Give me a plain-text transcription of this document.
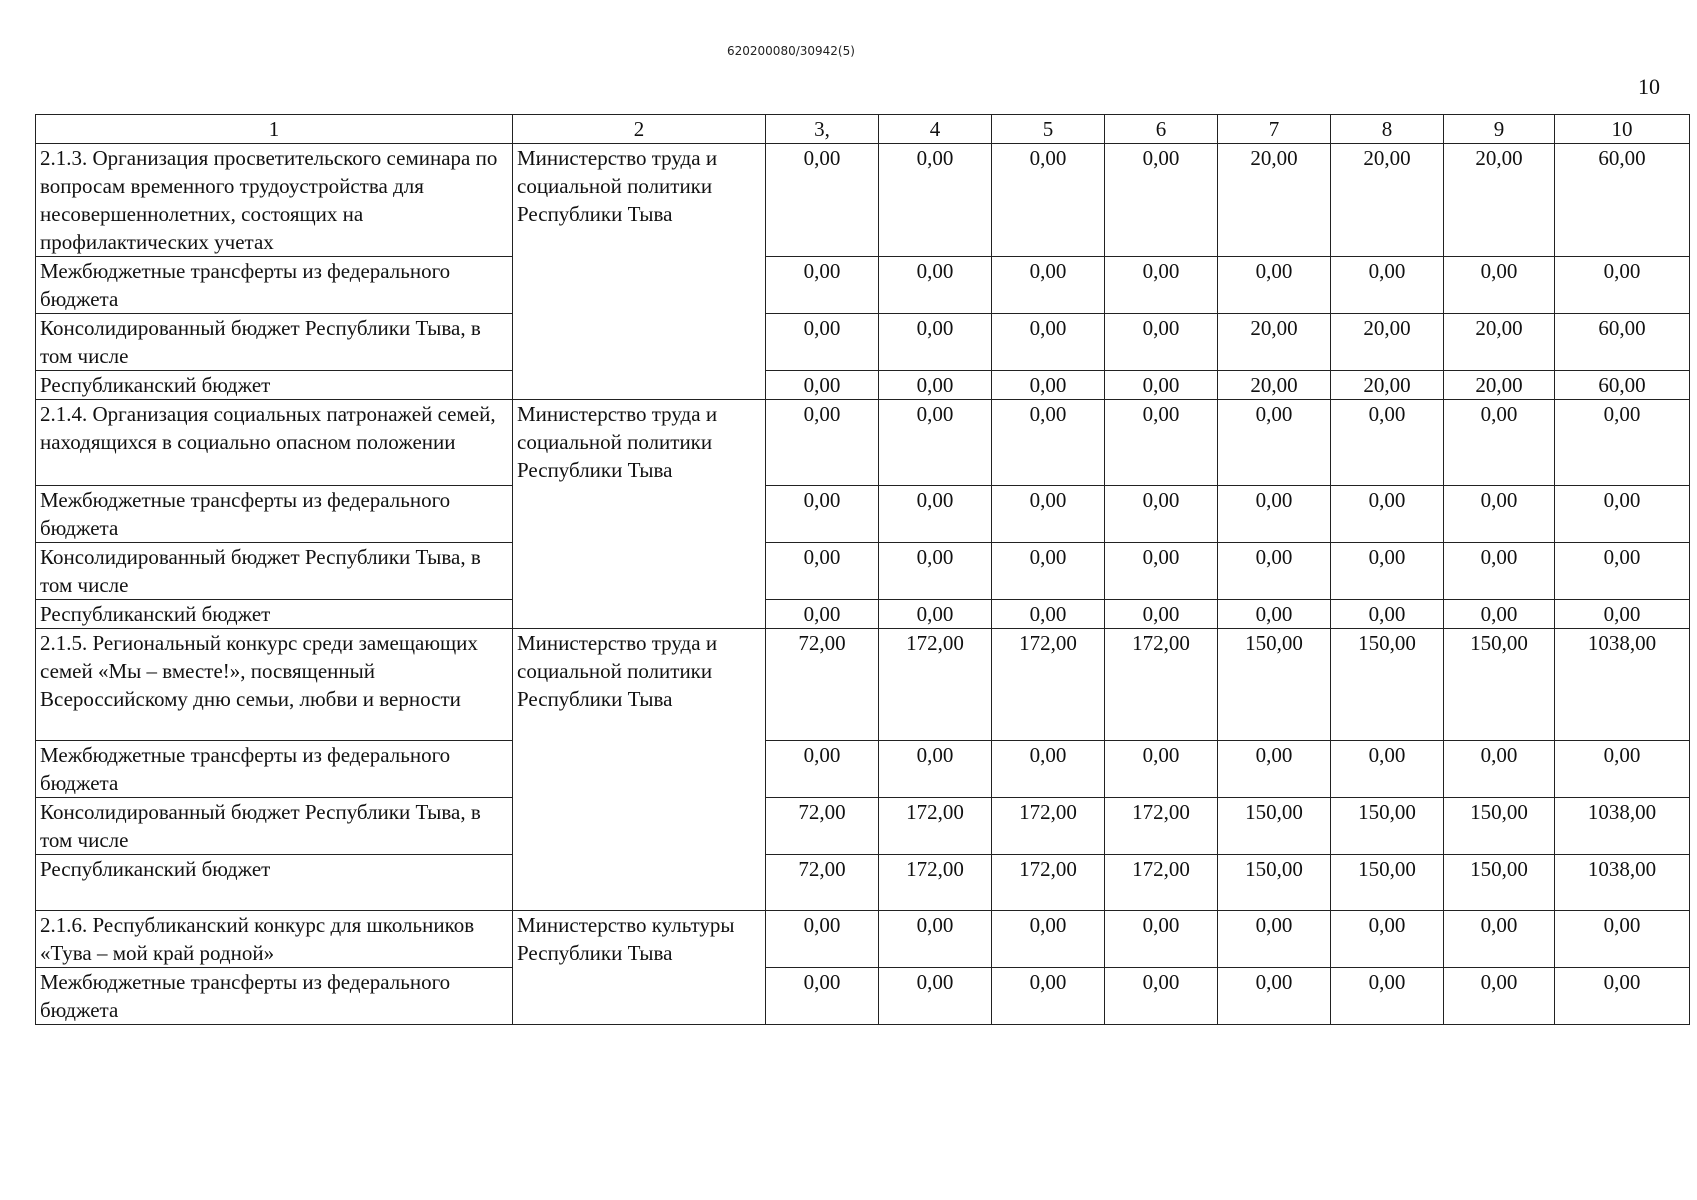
620200080/30942(5)
10
1	2	3,	4	5	6	7	8	9	10
2.1.3. Организация просветительского семинара по вопросам временного трудоустройства для несовершеннолетних, состоящих на профилактических учетах	Министерство труда и социальной политики Республики Тыва	0,00	0,00	0,00	0,00	20,00	20,00	20,00	60,00
Межбюджетные трансферты из федерального бюджета		0,00	0,00	0,00	0,00	0,00	0,00	0,00	0,00
Консолидированный бюджет Республики Тыва, в том числе		0,00	0,00	0,00	0,00	20,00	20,00	20,00	60,00
Республиканский бюджет		0,00	0,00	0,00	0,00	20,00	20,00	20,00	60,00
2.1.4. Организация социальных патронажей семей, находящихся в социально опасном положении	Министерство труда и социальной политики Республики Тыва	0,00	0,00	0,00	0,00	0,00	0,00	0,00	0,00
Межбюджетные трансферты из федерального бюджета		0,00	0,00	0,00	0,00	0,00	0,00	0,00	0,00
Консолидированный бюджет Республики Тыва, в том числе		0,00	0,00	0,00	0,00	0,00	0,00	0,00	0,00
Республиканский бюджет		0,00	0,00	0,00	0,00	0,00	0,00	0,00	0,00
2.1.5. Региональный конкурс среди замещающих семей «Мы – вместе!», посвященный Всероссийскому дню семьи, любви и верности	Министерство труда и социальной политики Республики Тыва	72,00	172,00	172,00	172,00	150,00	150,00	150,00	1038,00
Межбюджетные трансферты из федерального бюджета		0,00	0,00	0,00	0,00	0,00	0,00	0,00	0,00
Консолидированный бюджет Республики Тыва, в том числе		72,00	172,00	172,00	172,00	150,00	150,00	150,00	1038,00
Республиканский бюджет		72,00	172,00	172,00	172,00	150,00	150,00	150,00	1038,00
2.1.6. Республиканский конкурс для школьников «Тува – мой край родной»	Министерство культуры Республики Тыва	0,00	0,00	0,00	0,00	0,00	0,00	0,00	0,00
Межбюджетные трансферты из федерального бюджета		0,00	0,00	0,00	0,00	0,00	0,00	0,00	0,00
